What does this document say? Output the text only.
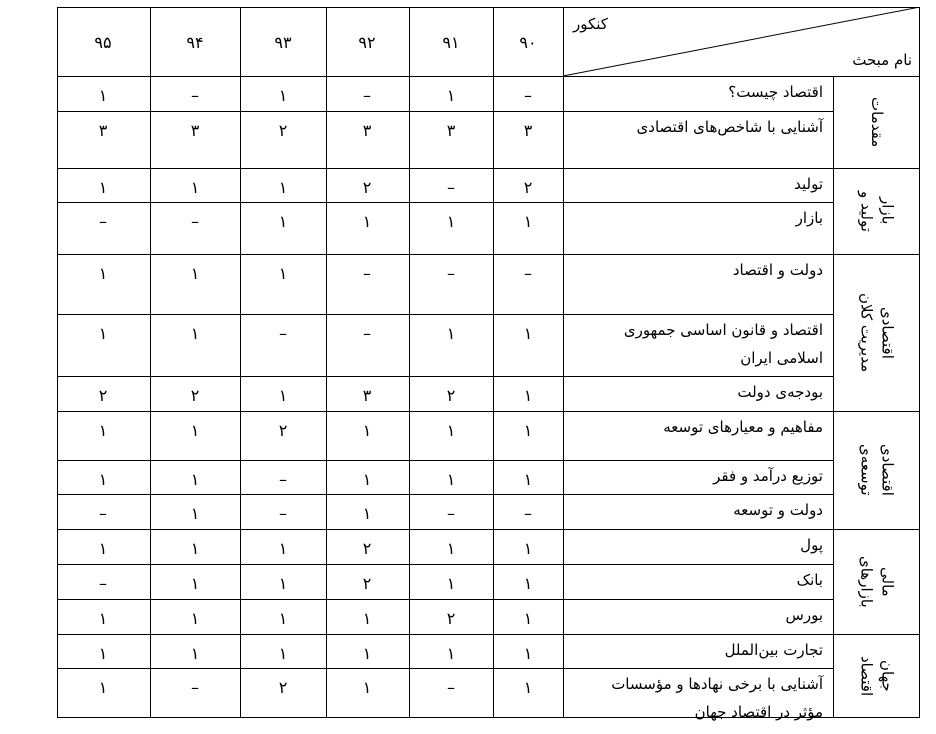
کنکور
نام مبحث
۹۰
۹۱
۹۲
۹۳
۹۴
۹۵
اقتصاد چیست؟
–
۱
–
۱
–
۱
آشنایی با شاخص‌های اقتصادی
۳
۳
۳
۲
۳
۳
تولید
۲
–
۲
۱
۱
۱
بازار
۱
۱
۱
۱
–
–
دولت و اقتصاد
–
–
–
۱
۱
۱
اقتصاد و قانون اساسی جمهوری
اسلامی ایران
۱
۱
–
–
۱
۱
بودجه‌ی دولت
۱
۲
۳
۱
۲
۲
مفاهیم و معیارهای توسعه
۱
۱
۱
۲
۱
۱
توزیع درآمد و فقر
۱
۱
۱
–
۱
۱
دولت و توسعه
–
–
۱
–
۱
–
پول
۱
۱
۲
۱
۱
۱
بانک
۱
۱
۲
۱
۱
–
بورس
۱
۲
۱
۱
۱
۱
تجارت بین‌الملل
۱
۱
۱
۱
۱
۱
آشنایی با برخی نهادها و مؤسسات
مؤثر در اقتصاد جهان
۱
–
۱
۲
–
۱
مقدمات
تولید و بازار
مدیریت کلان اقتصادی
توسعه‌ی اقتصادی
بازارهای مالی
اقتصاد جهان
